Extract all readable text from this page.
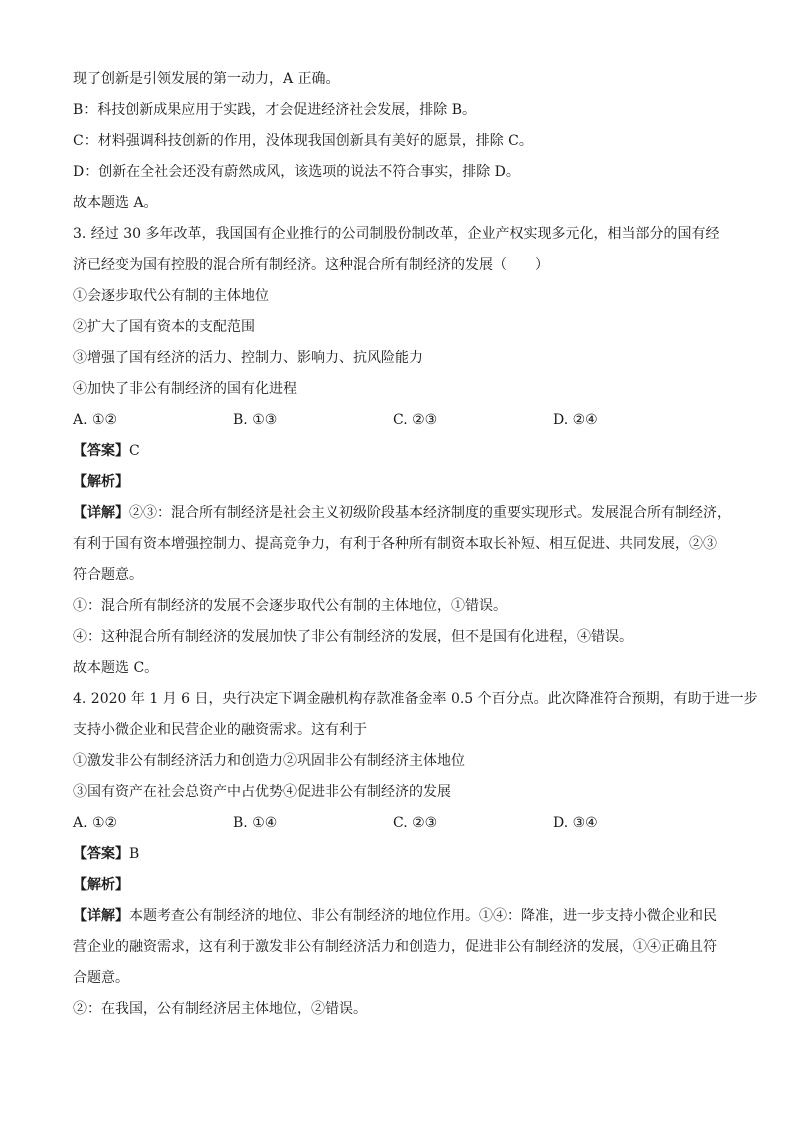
现了创新是引领发展的第一动力，A 正确。
B：科技创新成果应用于实践，才会促进经济社会发展，排除 B。
C：材料强调科技创新的作用，没体现我国创新具有美好的愿景，排除 C。
D：创新在全社会还没有蔚然成风，该选项的说法不符合事实，排除 D。
故本题选 A。
3. 经过 30 多年改革，我国国有企业推行的公司制股份制改革，企业产权实现多元化，相当部分的国有经
济已经变为国有控股的混合所有制经济。这种混合所有制经济的发展（　　）
①会逐步取代公有制的主体地位
②扩大了国有资本的支配范围
③增强了国有经济的活力、控制力、影响力、抗风险能力
④加快了非公有制经济的国有化进程
A. ①②	B. ①③	C. ②③	D. ②④
【答案】C
【解析】
【详解】②③：混合所有制经济是社会主义初级阶段基本经济制度的重要实现形式。发展混合所有制经济，
有利于国有资本增强控制力、提高竞争力，有利于各种所有制资本取长补短、相互促进、共同发展，②③
符合题意。
①：混合所有制经济的发展不会逐步取代公有制的主体地位，①错误。
④：这种混合所有制经济的发展加快了非公有制经济的发展，但不是国有化进程，④错误。
故本题选 C。
4. 2020 年 1 月 6 日，央行决定下调金融机构存款准备金率 0.5 个百分点。此次降准符合预期，有助于进一步
支持小微企业和民营企业的融资需求。这有利于
①激发非公有制经济活力和创造力②巩固非公有制经济主体地位
③国有资产在社会总资产中占优势④促进非公有制经济的发展
A. ①②	B. ①④	C. ②③	D. ③④
【答案】B
【解析】
【详解】本题考查公有制经济的地位、非公有制经济的地位作用。①④：降准，进一步支持小微企业和民
营企业的融资需求，这有利于激发非公有制经济活力和创造力，促进非公有制经济的发展，①④正确且符
合题意。
②：在我国，公有制经济居主体地位，②错误。
